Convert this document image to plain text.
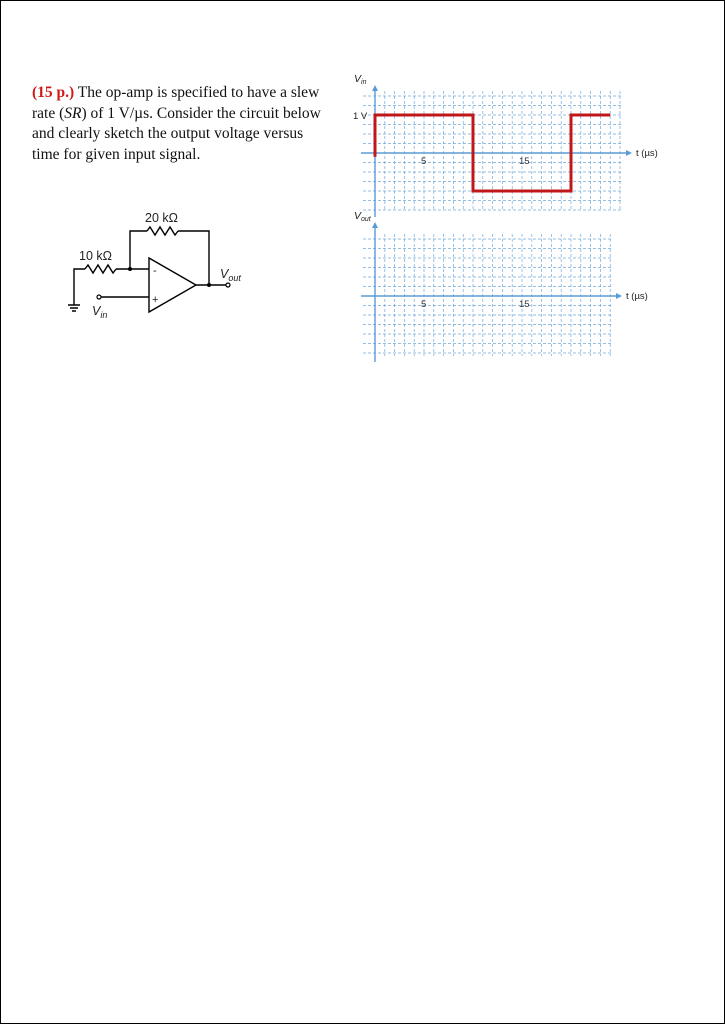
(15 p.) The op-amp is specified to have a slew rate (SR) of 1 V/µs. Consider the circuit below and clearly sketch the output voltage versus time for given input signal.
20 kΩ
10 kΩ
-
+
$V_{out}$
$V_{in}$
5	15
1 V
t (µs)
Vin
5	15
t (µs)
Vout
